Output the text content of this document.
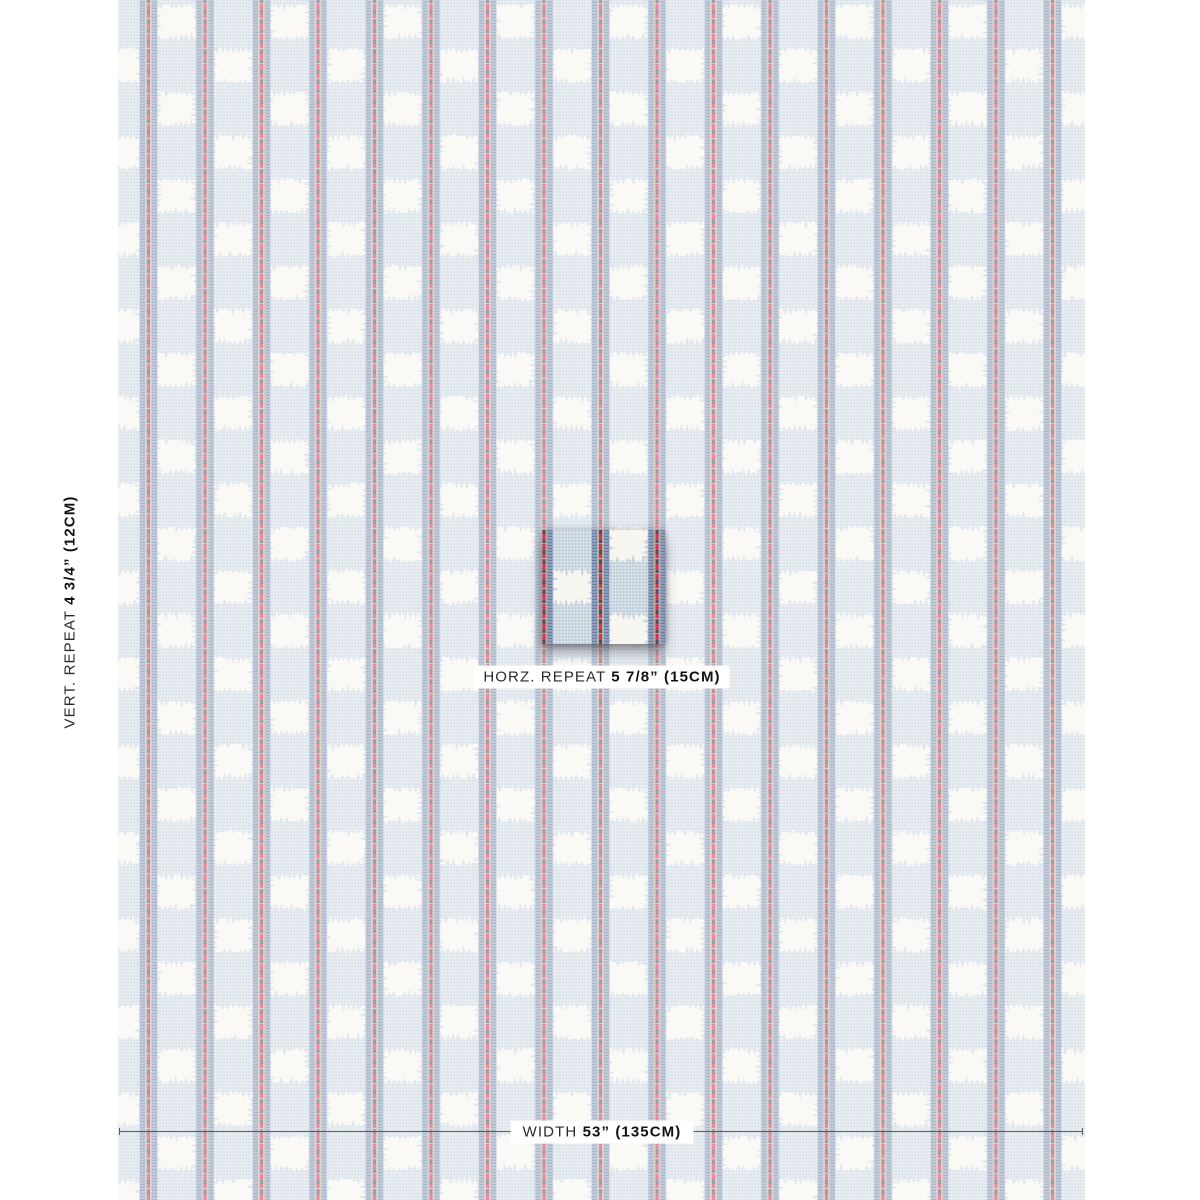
VERT. REPEAT 4 3/4” (12CM)
HORZ. REPEAT 5 7/8” (15CM)
WIDTH 53” (135CM)
